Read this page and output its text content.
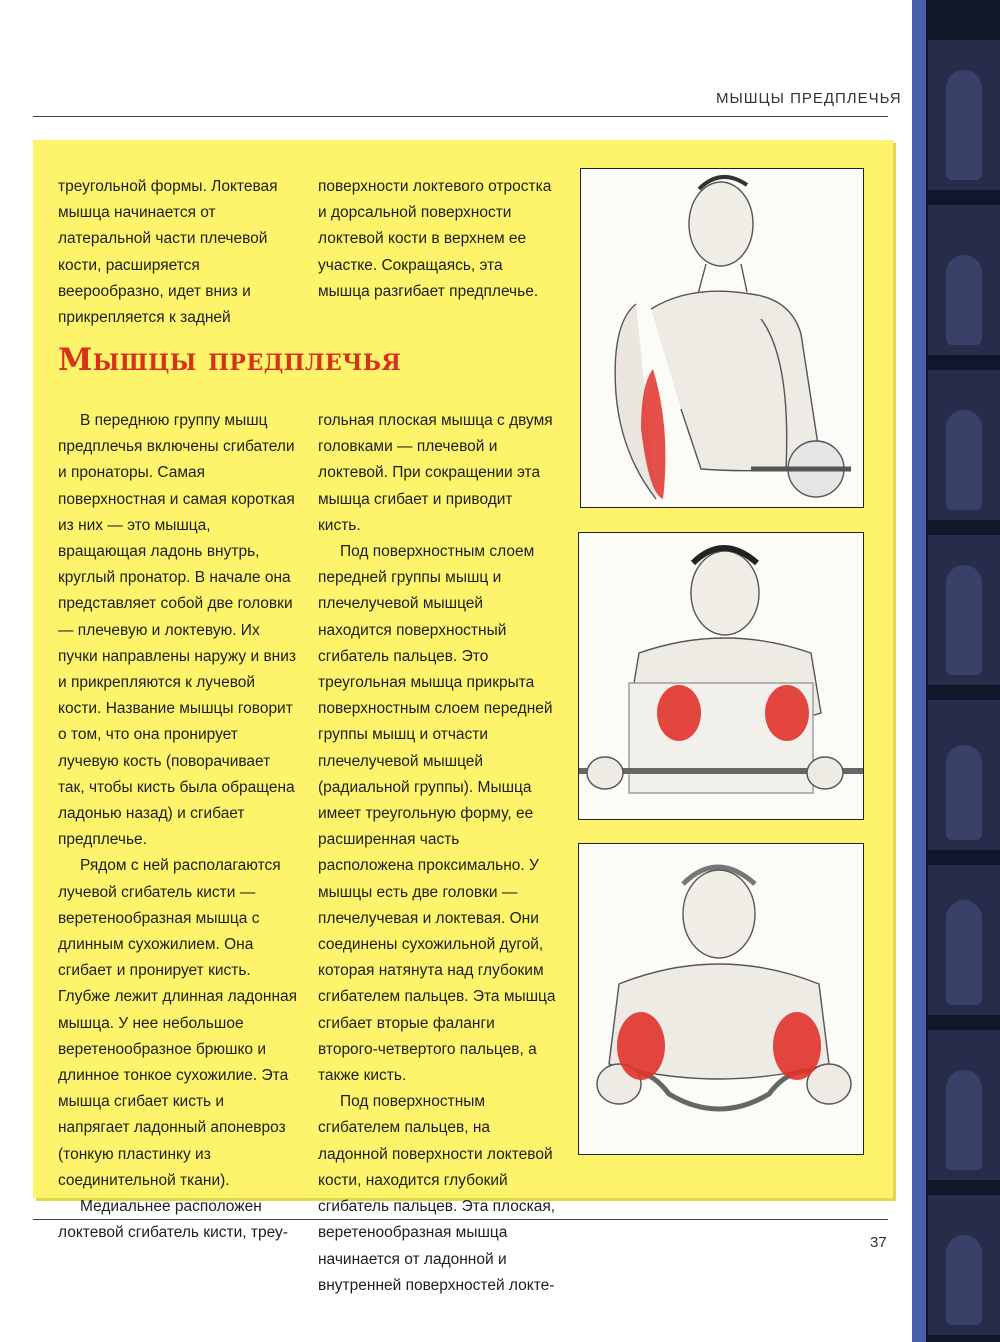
МЫШЦЫ ПРЕДПЛЕЧЬЯ

треугольной формы. Локтевая мышца начинается от латеральной части плечевой кости, расширяется веерообразно, идет вниз и прикрепляется к задней

поверхности локтевого отростка и дорсальной поверхности локтевой кости в верхнем ее участке. Сокращаясь, эта мышца разгибает предплечье.

Мышцы предплечья

В переднюю группу мышц предплечья включены сгибатели и пронаторы. Самая поверхностная и самая короткая из них — это мышца, вращающая ладонь внутрь, круглый пронатор. В начале она представляет собой две головки — плечевую и локтевую. Их пучки направлены наружу и вниз и прикрепляются к лучевой кости. Название мышцы говорит о том, что она пронирует лучевую кость (поворачивает так, чтобы кисть была обращена ладонью назад) и сгибает предплечье.

Рядом с ней располагаются лучевой сгибатель кисти — веретенообразная мышца с длинным сухожилием. Она сгибает и пронирует кисть. Глубже лежит длинная ладонная мышца. У нее небольшое веретенообразное брюшко и длинное тонкое сухожилие. Эта мышца сгибает кисть и напрягает ладонный апоневроз (тонкую пластинку из соединительной ткани).

Медиальнее расположен локтевой сгибатель кисти, треу-

гольная плоская мышца с двумя головками — плечевой и локтевой. При сокращении эта мышца сгибает и приводит кисть.

Под поверхностным слоем передней группы мышц и плечелучевой мышцей находится поверхностный сгибатель пальцев. Это треугольная мышца прикрыта поверхностным слоем передней группы мышц и отчасти плечелучевой мышцей (радиальной группы). Мышца имеет треугольную форму, ее расширенная часть расположена проксимально. У мышцы есть две головки — плечелучевая и локтевая. Они соединены сухожильной дугой, которая натянута над глубоким сгибателем пальцев. Эта мышца сгибает вторые фаланги второго-четвертого пальцев, а также кисть.

Под поверхностным сгибателем пальцев, на ладонной поверхности локтевой кости, находится глубокий сгибатель пальцев. Эта плоская, веретенообразная мышца начинается от ладонной и внутренней поверхностей локте-

37
